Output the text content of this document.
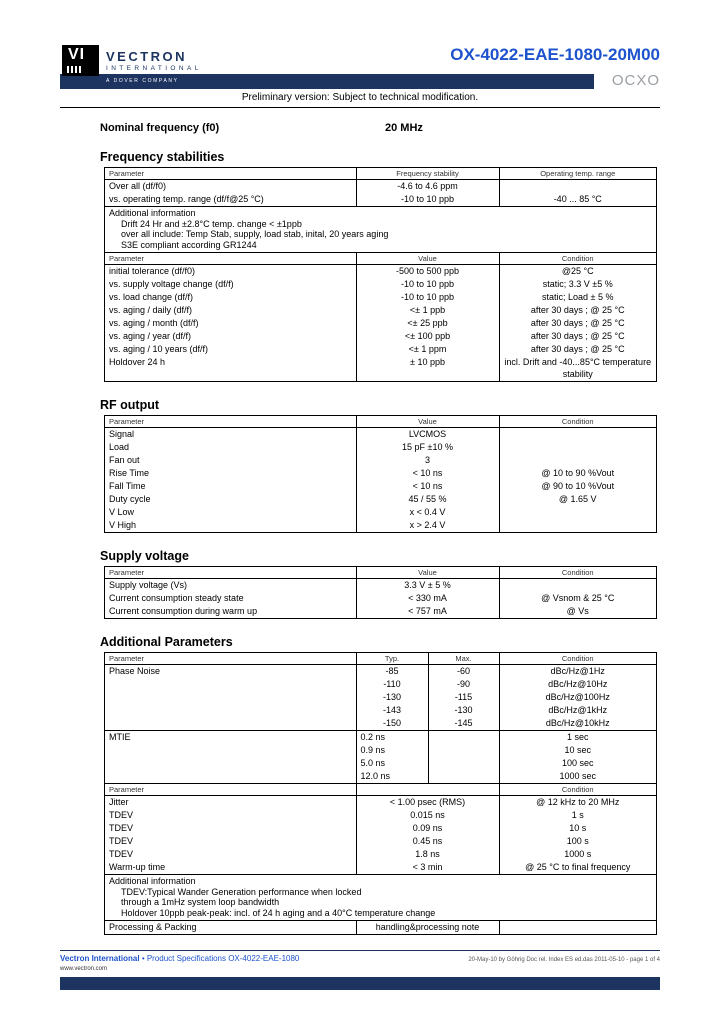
VI VECTRON
INTERNATIONAL
OX-4022-EAE-1080-20M00
A DOVER COMPANY	OCXO
Preliminary version: Subject to technical modification.
Nominal frequency (f0)	20 MHz
Frequency stabilities
Parameter	Frequency stability	Operating temp. range
Over all (df/f0)	-4.6 to 4.6 ppm	
vs. operating temp. range (df/f@25 °C)	-10 to 10 ppb	-40 ... 85 °C
Additional information
Drift 24 Hr and ±2.8°C temp. change < ±1ppb
over all include: Temp Stab, supply, load stab, inital, 20 years aging
S3E compliant according GR1244
Parameter	Value	Condition
initial tolerance (df/f0)	-500 to 500 ppb	@25 °C
vs. supply voltage change (df/f)	-10 to 10 ppb	static; 3.3 V ±5 %
vs. load change (df/f)	-10 to 10 ppb	static; Load ± 5 %
vs. aging / daily (df/f)	<± 1 ppb	after 30 days ; @ 25 °C
vs. aging / month (df/f)	<± 25 ppb	after 30 days ; @ 25 °C
vs. aging / year (df/f)	<± 100 ppb	after 30 days ; @ 25 °C
vs. aging / 10 years (df/f)	<± 1 ppm	after 30 days ; @ 25 °C
Holdover 24 h	± 10 ppb	incl. Drift and -40...85°C temperature stability
RF output
Parameter	Value	Condition
Signal	LVCMOS	
Load	15 pF ±10 %	
Fan out	3	
Rise Time	< 10 ns	@ 10 to 90 %Vout
Fall Time	< 10 ns	@ 90 to 10 %Vout
Duty cycle	45 / 55 %	@ 1.65 V
V Low	x < 0.4 V	
V High	x > 2.4 V	
Supply voltage
Parameter	Value	Condition
Supply voltage (Vs)	3.3 V ± 5 %	
Current consumption steady state	< 330 mA	@ Vsnom & 25 °C
Current consumption during warm up	< 757 mA	@ Vs
Additional Parameters
Parameter	Typ.	Max.	Condition
Phase Noise	-85	-60	dBc/Hz@1Hz
	-110	-90	dBc/Hz@10Hz
	-130	-115	dBc/Hz@100Hz
	-143	-130	dBc/Hz@1kHz
	-150	-145	dBc/Hz@10kHz
MTIE	0.2 ns		1 sec
	0.9 ns		10 sec
	5.0 ns		100 sec
	12.0 ns		1000 sec
Parameter		Condition
Jitter	< 1.00 psec (RMS)	@ 12 kHz to 20 MHz
TDEV	0.015 ns	1 s
TDEV	0.09 ns	10 s
TDEV	0.45 ns	100 s
TDEV	1.8 ns	1000 s
Warm-up time	< 3 min	@ 25 °C to final frequency
Additional information
TDEV:Typical Wander Generation performance when locked
through a 1mHz system loop bandwidth
Holdover 10ppb peak-peak: incl. of 24 h aging and a 40°C temperature change
Processing & Packing	handling&processing note	
Vectron International • Product Specifications OX-4022-EAE-1080	20-May-10 by Göhrig Doc rel. Index ES ed.das 2011-05-10 - page 1 of 4
www.vectron.com
